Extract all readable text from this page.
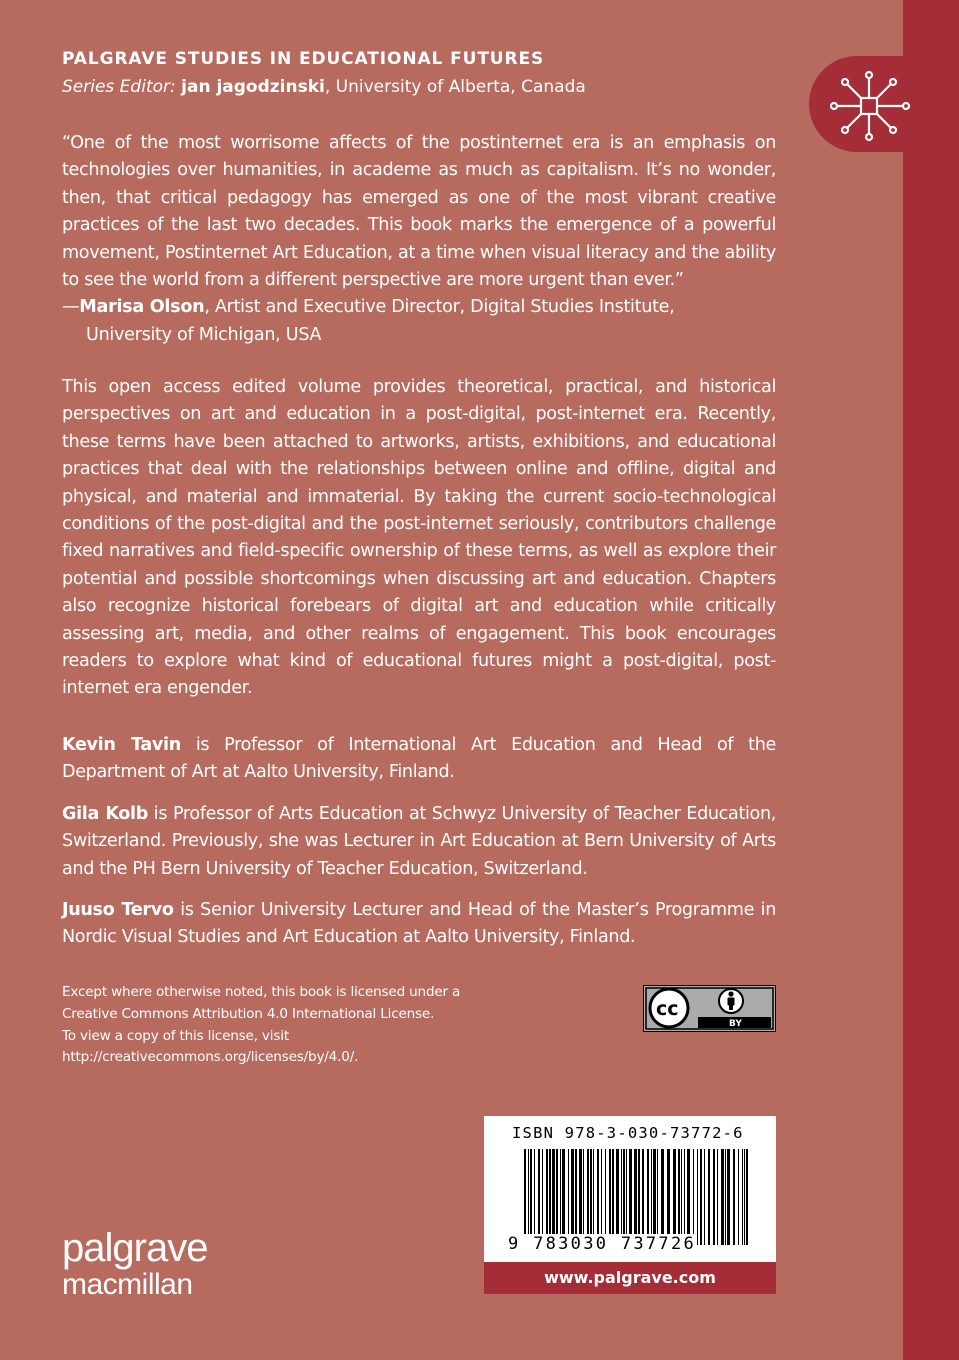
PALGRAVE STUDIES IN EDUCATIONAL FUTURES
Series Editor: jan jagodzinski, University of Alberta, Canada

“One of the most worrisome affects of the postinternet era is an emphasis on technologies over humanities, in academe as much as capitalism. It’s no wonder, then, that critical pedagogy has emerged as one of the most vibrant creative practices of the last two decades. This book marks the emergence of a powerful movement, Postinternet Art Education, at a time when visual literacy and the ability to see the world from a different perspective are more urgent than ever.”

—Marisa Olson, Artist and Executive Director, Digital Studies Institute,
University of Michigan, USA

This open access edited volume provides theoretical, practical, and historical perspectives on art and education in a post-digital, post-internet era. Recently, these terms have been attached to artworks, artists, exhibitions, and educational practices that deal with the relationships between online and offline, digital and physical, and material and immaterial. By taking the current socio-technological conditions of the post-digital and the post-internet seriously, contributors challenge fixed narratives and field-specific ownership of these terms, as well as explore their potential and possible shortcomings when discussing art and education. Chapters also recognize historical forebears of digital art and education while critically assessing art, media, and other realms of engagement. This book encourages readers to explore what kind of educational futures might a post-digital, post-internet era engender.

Kevin Tavin is Professor of International Art Education and Head of the Department of Art at Aalto University, Finland.

Gila Kolb is Professor of Arts Education at Schwyz University of Teacher Education, Switzerland. Previously, she was Lecturer in Art Education at Bern University of Arts and the PH Bern University of Teacher Education, Switzerland.

Juuso Tervo is Senior University Lecturer and Head of the Master’s Programme in Nordic Visual Studies and Art Education at Aalto University, Finland.

Except where otherwise noted, this book is licensed under a
Creative Commons Attribution 4.0 International License.
To view a copy of this license, visit
http://creativecommons.org/licenses/by/4.0/.
BY
cc
ISBN 978-3-030-73772-6
9 783030 737726
www.palgrave.com
palgrave
macmillan
